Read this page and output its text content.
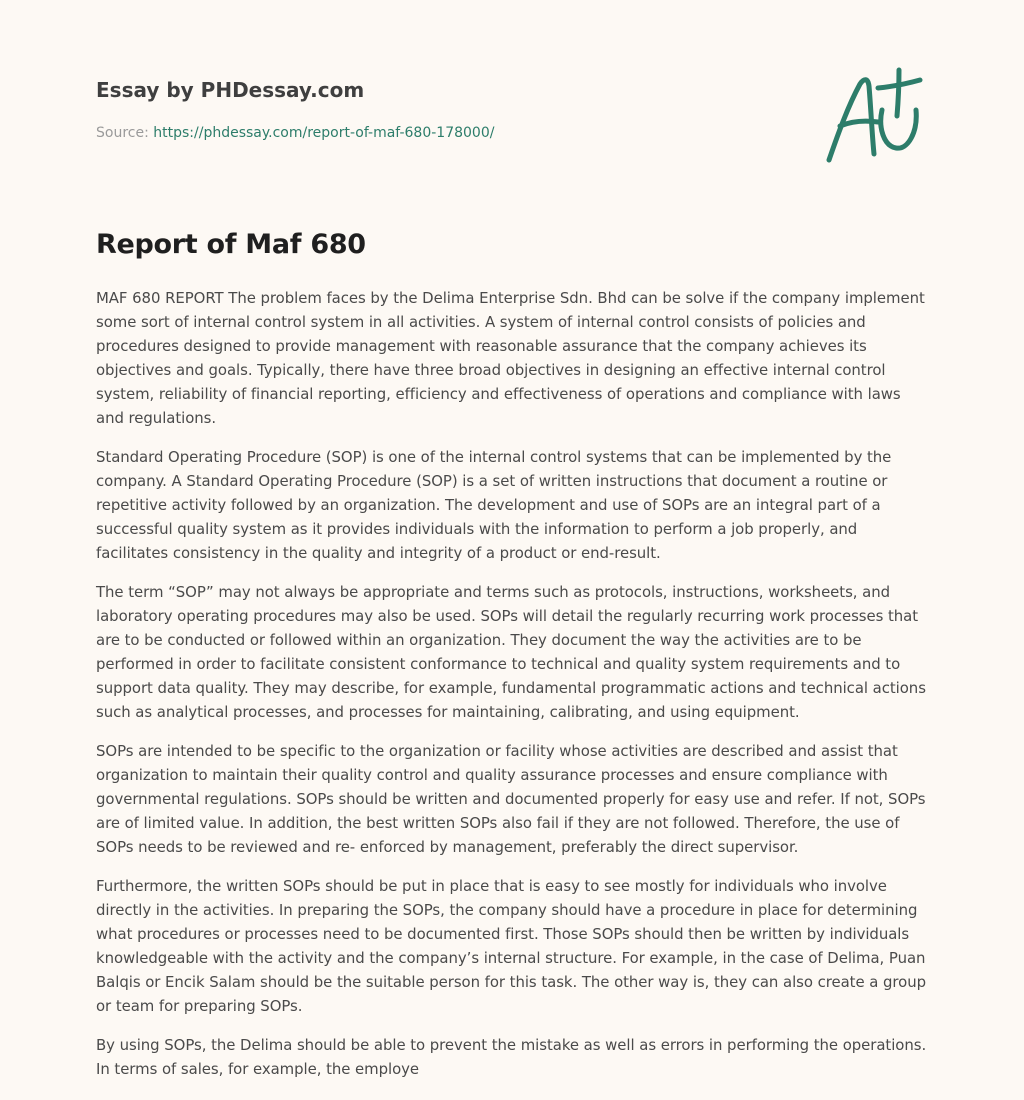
Essay by PHDessay.com
Source: https://phdessay.com/report-of-maf-680-178000/
Report of Maf 680

MAF 680 REPORT The problem faces by the Delima Enterprise Sdn. Bhd can be solve if the company implement some sort of internal control system in all activities. A system of internal control consists of policies and procedures designed to provide management with reasonable assurance that the company achieves its objectives and goals. Typically, there have three broad objectives in designing an effective internal control system, reliability of financial reporting, efficiency and effectiveness of operations and compliance with laws and regulations.

Standard Operating Procedure (SOP) is one of the internal control systems that can be implemented by the company. A Standard Operating Procedure (SOP) is a set of written instructions that document a routine or repetitive activity followed by an organization. The development and use of SOPs are an integral part of a successful quality system as it provides individuals with the information to perform a job properly, and facilitates consistency in the quality and integrity of a product or end-result.

The term “SOP” may not always be appropriate and terms such as protocols, instructions, worksheets, and laboratory operating procedures may also be used. SOPs will detail the regularly recurring work processes that are to be conducted or followed within an organization. They document the way the activities are to be performed in order to facilitate consistent conformance to technical and quality system requirements and to support data quality. They may describe, for example, fundamental programmatic actions and technical actions such as analytical processes, and processes for maintaining, calibrating, and using equipment.

SOPs are intended to be specific to the organization or facility whose activities are described and assist that organization to maintain their quality control and quality assurance processes and ensure compliance with governmental regulations. SOPs should be written and documented properly for easy use and refer. If not, SOPs are of limited value. In addition, the best written SOPs also fail if they are not followed. Therefore, the use of SOPs needs to be reviewed and re- enforced by management, preferably the direct supervisor.

Furthermore, the written SOPs should be put in place that is easy to see mostly for individuals who involve directly in the activities. In preparing the SOPs, the company should have a procedure in place for determining what procedures or processes need to be documented first. Those SOPs should then be written by individuals knowledgeable with the activity and the company’s internal structure. For example, in the case of Delima, Puan Balqis or Encik Salam should be the suitable person for this task. The other way is, they can also create a group or team for preparing SOPs.

By using SOPs, the Delima should be able to prevent the mistake as well as errors in performing the operations. In terms of sales, for example, the employe
